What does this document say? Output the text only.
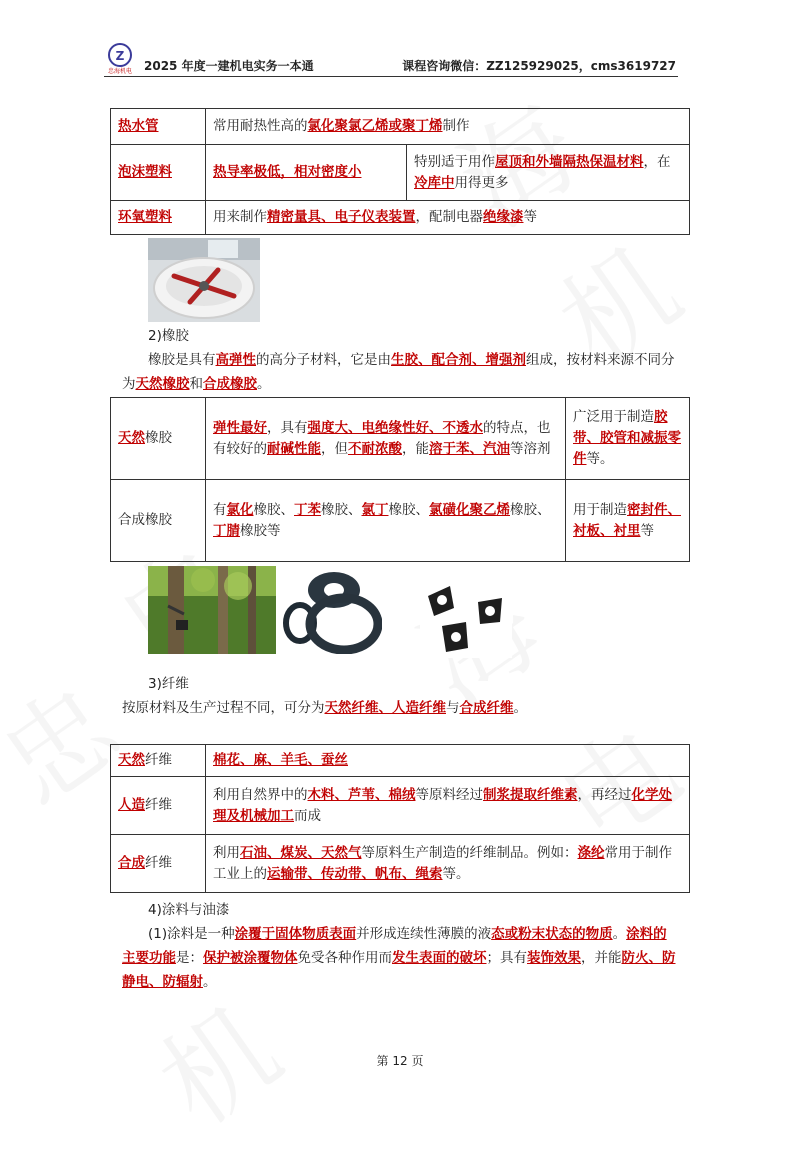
Z
忠海机电 2025 年度一建机电实务一本通	课程咨询微信：ZZ125929025，cms3619727
热水管	常用耐热性高的氯化聚氯乙烯或聚丁烯制作	
泡沫塑料	热导率极低，相对密度小	特别适于用作屋顶和外墙隔热保温材料，在冷库中用得更多
环氧塑料	用来制作精密量具、电子仪表装置，配制电器绝缘漆等	
2)橡胶
橡胶是具有高弹性的高分子材料，它是由生胶、配合剂、增强剂组成，按材料来源不同分为天然橡胶和合成橡胶。
天然橡胶	弹性最好，具有强度大、电绝缘性好、不透水的特点，也有较好的耐碱性能，但不耐浓酸，能溶于苯、汽油等溶剂	广泛用于制造胶带、胶管和减振零件等。
合成橡胶	有氯化橡胶、丁苯橡胶、氯丁橡胶、氯磺化聚乙烯橡胶、丁腈橡胶等	用于制造密封件、衬板、衬里等
3)纤维
按原材料及生产过程不同，可分为天然纤维、人造纤维与合成纤维。
天然纤维	棉花、麻、羊毛、蚕丝
人造纤维	利用自然界中的木料、芦苇、棉绒等原料经过制浆提取纤维素，再经过化学处理及机械加工而成
合成纤维	利用石油、煤炭、天然气等原料生产制造的纤维制品。例如：涤纶常用于制作工业上的运输带、传动带、帆布、绳索等。
4)涂料与油漆
(1)涂料是一种涂覆于固体物质表面并形成连续性薄膜的液态或粉末状态的物质。涂料的主要功能是：保护被涂覆物体免受各种作用而发生表面的破坏；具有装饰效果，并能防火、防静电、防辐射。
第 12 页
